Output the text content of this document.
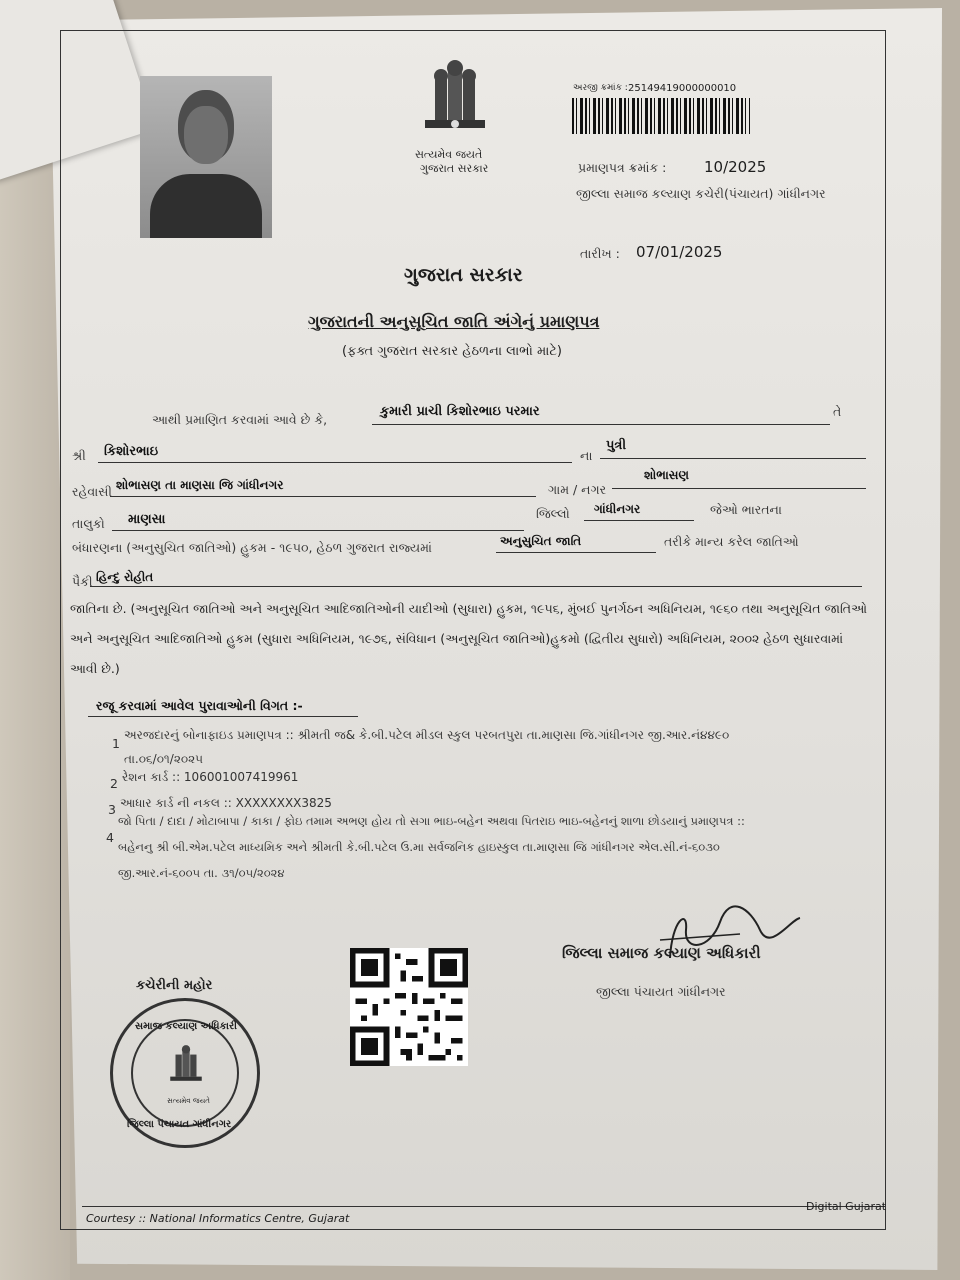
સત્યમેવ જયતે
ગુજરાત સરકાર
અરજી ક્રમાંક : 25149419000000010
પ્રમાણપત્ર ક્રમાંક :	10/2025
જીલ્લા સમાજ કલ્યાણ કચેરી(પંચાયત) ગાંધીનગર
તારીખ : 07/01/2025
ગુજરાત સરકાર
ગુજરાતની અનુસૂચિત જાતિ અંગેનું પ્રમાણપત્ર
(ફક્ત ગુજરાત સરકાર હેઠળના લાભો માટે)
આથી પ્રમાણિત કરવામાં આવે છે કે,
કુમારી પ્રાચી કિશોરભાઇ પરમાર	તે
શ્રી કિશોરભાઇ	ના
પુત્રી
રહેવાસી શોભાસણ તા માણસા જિ ગાંધીનગર	ગામ / નગર
શોભાસણ
તાલુકો માણસા	જિલ્લો ગાંધીનગર	જેઓ ભારતના
બંધારણના (અનુસુચિત જાતિઓ) હુકમ - ૧૯૫૦, હેઠળ ગુજરાત રાજ્યમાં	અનુસુચિત જાતિ	તરીકે માન્ય કરેલ જાતિઓ
પૈકી હિન્દુ રોહીત
જાતિના છે. (અનુસૂચિત જાતિઓ અને અનુસૂચિત આદિજાતિઓની યાદીઓ (સુધારા) હુકમ, ૧૯૫૬, મુંબઈ પુનર્ગઠન અધિનિયમ, ૧૯૬૦ તથા અનુસૂચિત જાતિઓ અને અનુસૂચિત આદિજાતિઓ હુકમ (સુધારા અધિનિયમ, ૧૯૭૬, સંવિધાન (અનુસૂચિત જાતિઓ)હુકમો (દ્વિતીય સુધારો) અધિનિયમ, ૨૦૦૨ હેઠળ સુધારવામાં આવી છે.)
રજૂ કરવામાં આવેલ પુરાવાઓની વિગત :-
1
અરજદારનું બોનાફાઇડ પ્રમાણપત્ર :: શ્રીમતી જ& કે.બી.પટેલ મીડલ સ્કુલ પરબતપુરા તા.માણસા જિ.ગાંધીનગર જી.આર.નં૪૪૯૦
તા.૦૬/૦૧/૨૦૨૫
2 રેશન કાર્ડ :: 106001007419961
3 આધાર કાર્ડ ની નકલ :: XXXXXXXX3825
4
જો પિતા / દાદા / મોટાબાપા / કાકા / ફોઇ તમામ અભણ હોય તો સગા ભાઇ-બહેન અથવા પિતરાઇ ભાઇ-બહેનનું શાળા છોડયાનું પ્રમાણપત્ર ::
બહેનનુ શ્રી બી.એમ.પટેલ માધ્યમિક અને શ્રીમતી કે.બી.પટેલ ઉ.મા સર્વજનિક હાઇસ્કુલ તા.માણસા જિ ગાંધીનગર એલ.સી.નં-૬૦૩૦
જી.આર.નં-૬૦૦૫ તા. ૩૧/૦૫/૨૦૨૪
જિલ્લા સમાજ કલ્યાણ અધિકારી
જીલ્લા પંચાયત ગાંધીનગર
કચેરીની મહોર
સમાજ કલ્યાણ અધિકારી
સત્યમેવ જયતે
જિલ્લા પંચાયત ગાંધીનગર
Courtesy :: National Informatics Centre, Gujarat
Digital Gujarat
